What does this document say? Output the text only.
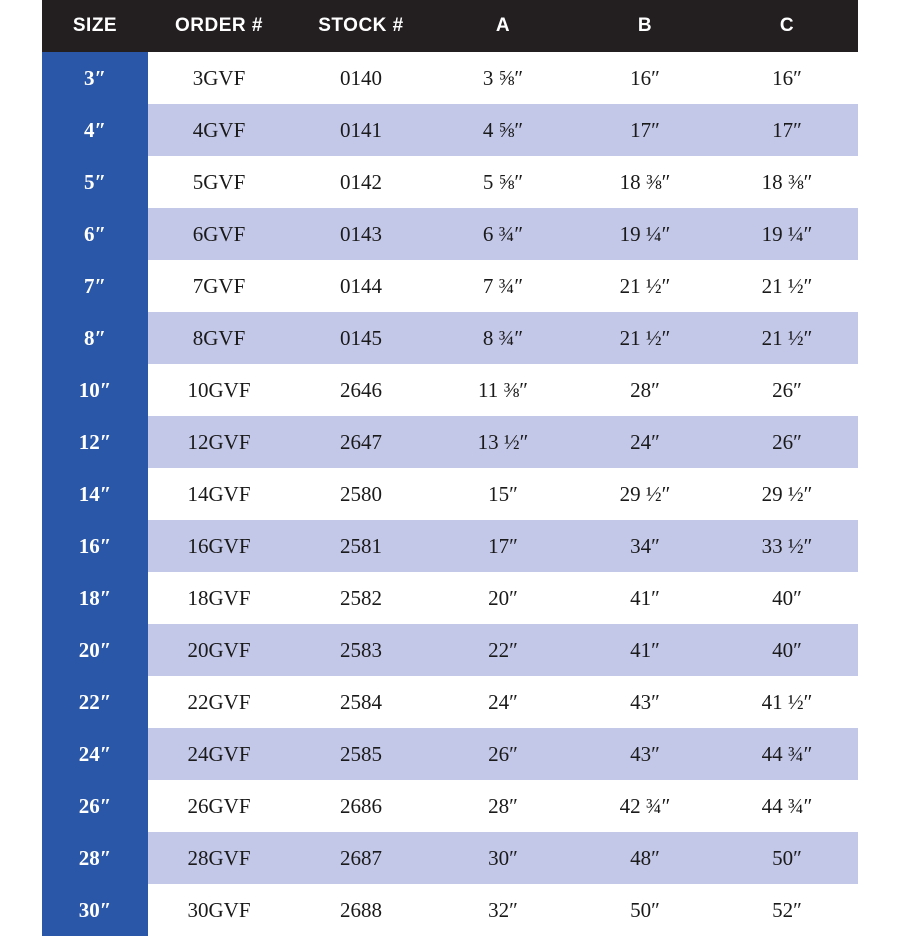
SIZE	ORDER #	STOCK #	A	B	C
3″	3GVF	0140	3 ⅝″	16″	16″
4″	4GVF	0141	4 ⅝″	17″	17″
5″	5GVF	0142	5 ⅝″	18 ⅜″	18 ⅜″
6″	6GVF	0143	6 ¾″	19 ¼″	19 ¼″
7″	7GVF	0144	7 ¾″	21 ½″	21 ½″
8″	8GVF	0145	8 ¾″	21 ½″	21 ½″
10″	10GVF	2646	11 ⅜″	28″	26″
12″	12GVF	2647	13 ½″	24″	26″
14″	14GVF	2580	15″	29 ½″	29 ½″
16″	16GVF	2581	17″	34″	33 ½″
18″	18GVF	2582	20″	41″	40″
20″	20GVF	2583	22″	41″	40″
22″	22GVF	2584	24″	43″	41 ½″
24″	24GVF	2585	26″	43″	44 ¾″
26″	26GVF	2686	28″	42 ¾″	44 ¾″
28″	28GVF	2687	30″	48″	50″
30″	30GVF	2688	32″	50″	52″
